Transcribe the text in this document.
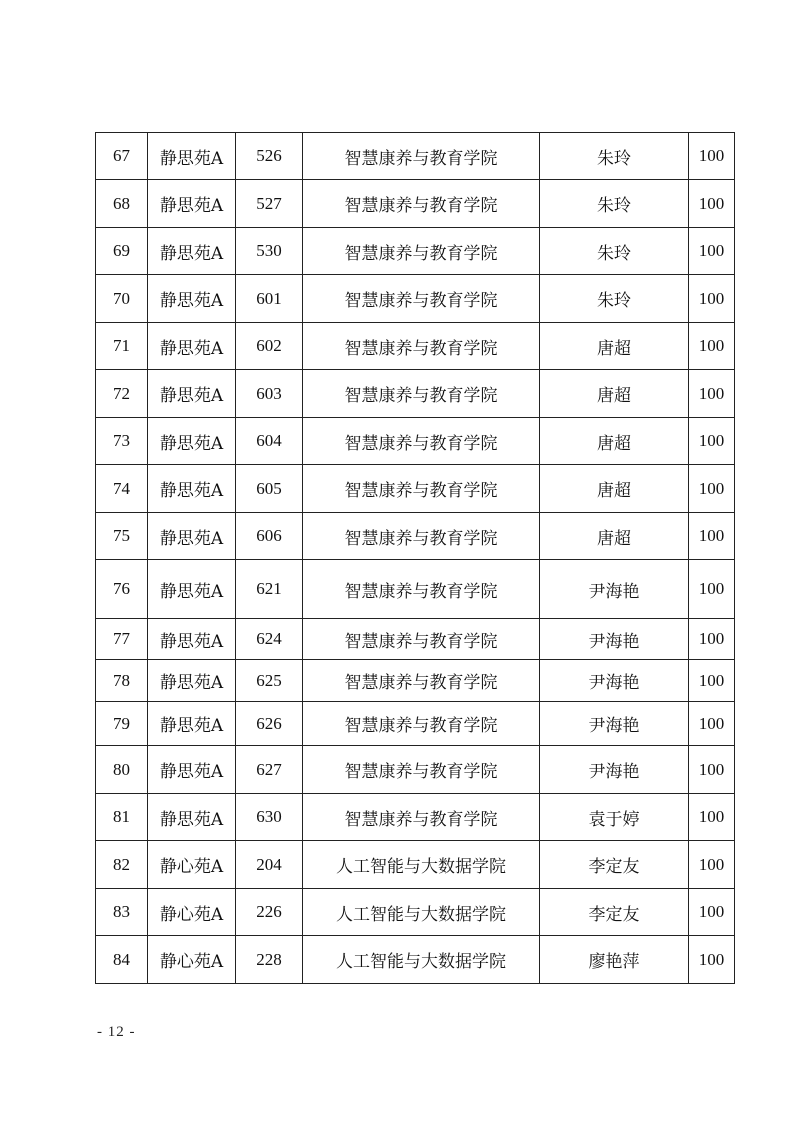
67	静思苑A	526	智慧康养与教育学院	朱玲	100
68	静思苑A	527	智慧康养与教育学院	朱玲	100
69	静思苑A	530	智慧康养与教育学院	朱玲	100
70	静思苑A	601	智慧康养与教育学院	朱玲	100
71	静思苑A	602	智慧康养与教育学院	唐超	100
72	静思苑A	603	智慧康养与教育学院	唐超	100
73	静思苑A	604	智慧康养与教育学院	唐超	100
74	静思苑A	605	智慧康养与教育学院	唐超	100
75	静思苑A	606	智慧康养与教育学院	唐超	100
76	静思苑A	621	智慧康养与教育学院	尹海艳	100
77	静思苑A	624	智慧康养与教育学院	尹海艳	100
78	静思苑A	625	智慧康养与教育学院	尹海艳	100
79	静思苑A	626	智慧康养与教育学院	尹海艳	100
80	静思苑A	627	智慧康养与教育学院	尹海艳	100
81	静思苑A	630	智慧康养与教育学院	袁于婷	100
82	静心苑A	204	人工智能与大数据学院	李定友	100
83	静心苑A	226	人工智能与大数据学院	李定友	100
84	静心苑A	228	人工智能与大数据学院	廖艳萍	100
- 12 -
